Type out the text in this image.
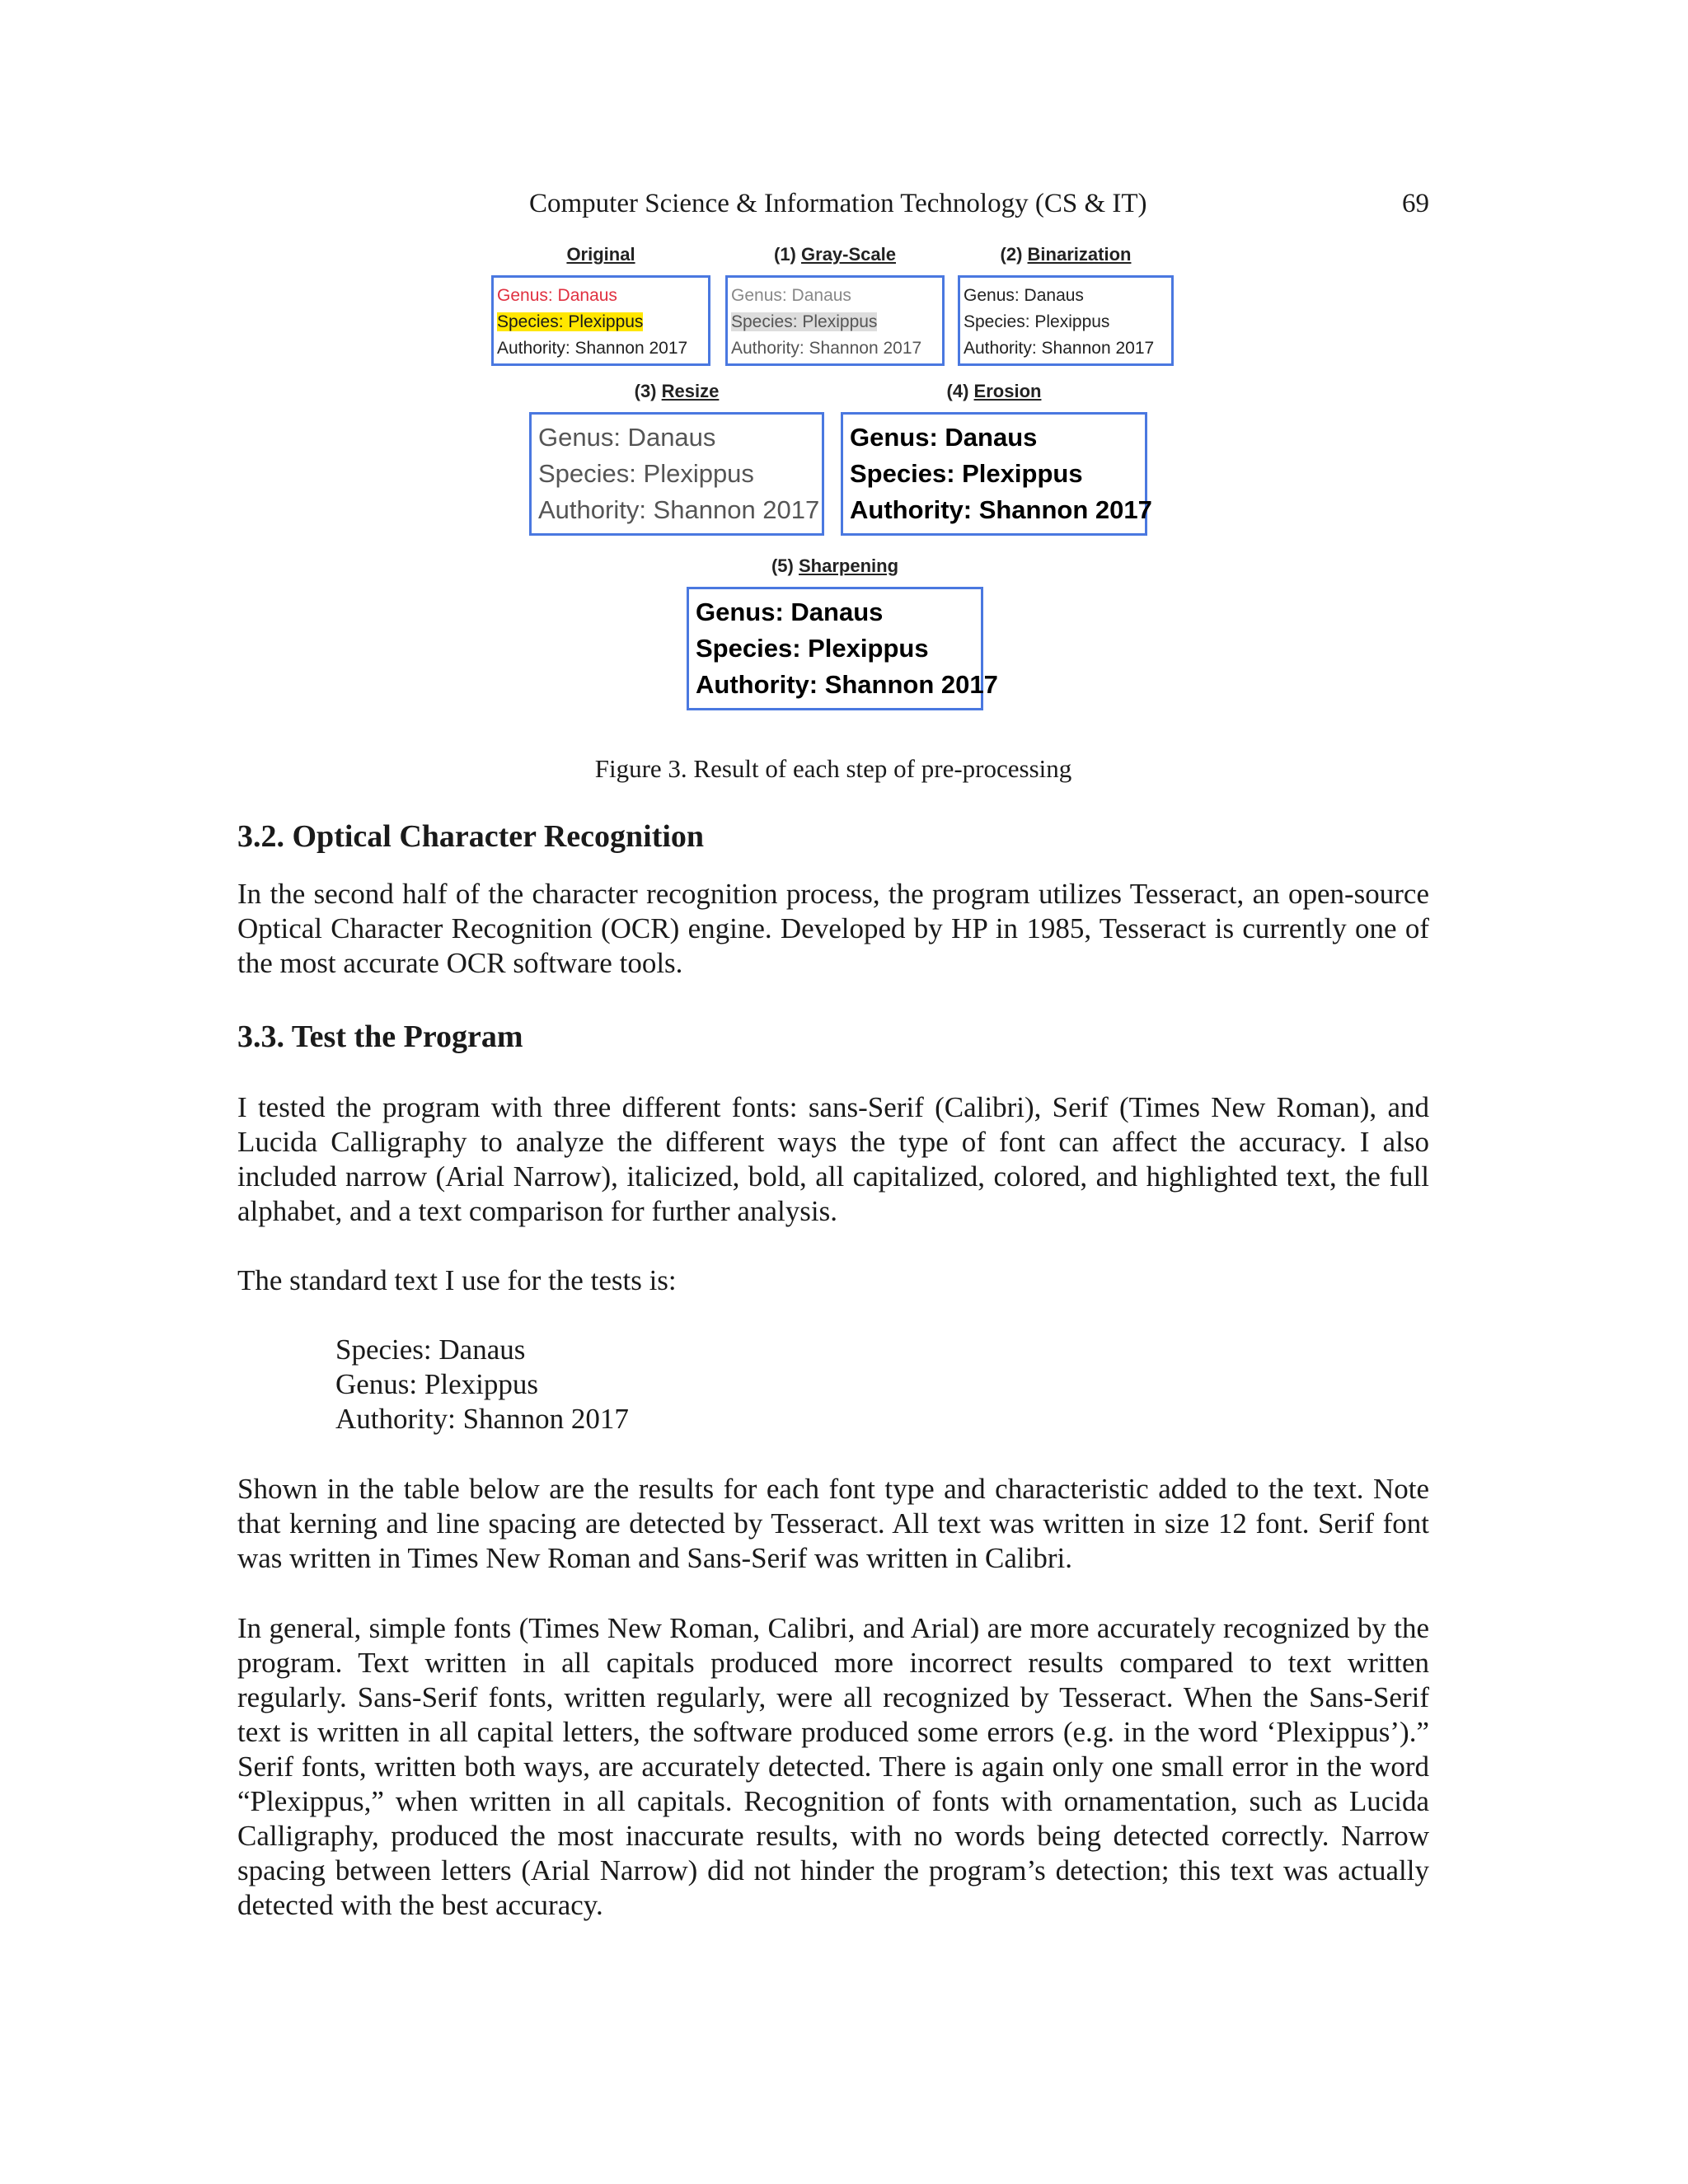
Computer Science & Information Technology (CS & IT)	69
Original
Genus: Danaus
Species: Plexippus
Authority: Shannon 2017
(1) Gray-Scale
Genus: Danaus
Species: Plexippus
Authority: Shannon 2017
(2) Binarization
Genus: Danaus
Species: Plexippus
Authority: Shannon 2017
(3) Resize
Genus: Danaus
Species: Plexippus
Authority: Shannon 2017
(4) Erosion
Genus: Danaus
Species: Plexippus
Authority: Shannon 2017
(5) Sharpening
Genus: Danaus
Species: Plexippus
Authority: Shannon 2017
Figure 3. Result of each step of pre-processing
3.2. Optical Character Recognition

In the second half of the character recognition process, the program utilizes Tesseract, an open-source Optical Character Recognition (OCR) engine. Developed by HP in 1985, Tesseract is currently one of the most accurate OCR software tools.

3.3. Test the Program

I tested the program with three different fonts: sans-Serif (Calibri), Serif (Times New Roman), and Lucida Calligraphy to analyze the different ways the type of font can affect the accuracy. I also included narrow (Arial Narrow), italicized, bold, all capitalized, colored, and highlighted text, the full alphabet, and a text comparison for further analysis.

The standard text I use for the tests is:

Species: Danaus
Genus: Plexippus
Authority: Shannon 2017

Shown in the table below are the results for each font type and characteristic added to the text. Note that kerning and line spacing are detected by Tesseract. All text was written in size 12 font. Serif font was written in Times New Roman and Sans-Serif was written in Calibri.

In general, simple fonts (Times New Roman, Calibri, and Arial) are more accurately recognized by the program. Text written in all capitals produced more incorrect results compared to text written regularly. Sans-Serif fonts, written regularly, were all recognized by Tesseract. When the Sans-Serif text is written in all capital letters, the software produced some errors (e.g. in the word ‘Plexippus’).” Serif fonts, written both ways, are accurately detected. There is again only one small error in the word “Plexippus,” when written in all capitals. Recognition of fonts with ornamentation, such as Lucida Calligraphy, produced the most inaccurate results, with no words being detected correctly. Narrow spacing between letters (Arial Narrow) did not hinder the program’s detection; this text was actually detected with the best accuracy.
